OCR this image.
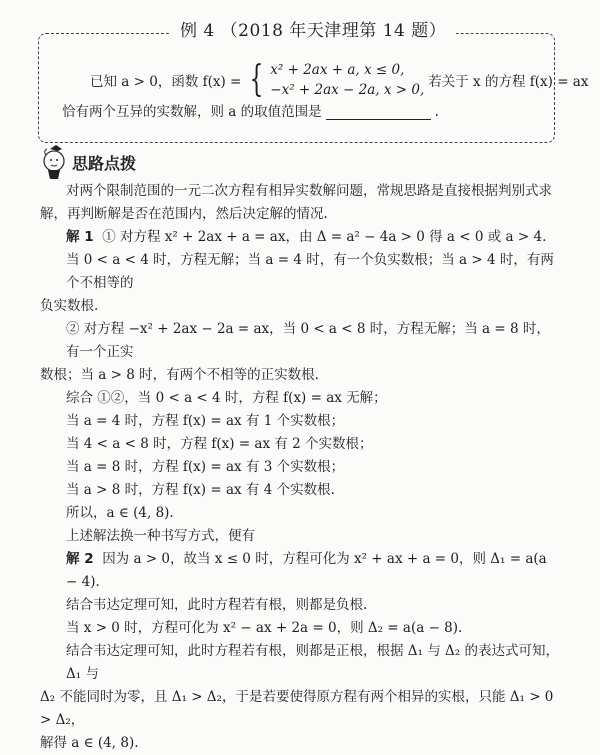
例 4 （2018 年天津理第 14 题）
已知 a > 0，函数 f(x) = { x² + 2ax + a, x ≤ 0,
−x² + 2ax − 2a, x > 0, 若关于 x 的方程 f(x) = ax
恰有两个互异的实数解，则 a 的取值范围是	.
思路点拨

对两个限制范围的一元二次方程有相异实数解问题，常规思路是直接根据判别式求

解，再判断解是否在范围内，然后决定解的情况.

解 1 ① 对方程 x² + 2ax + a = ax，由 Δ = a² − 4a > 0 得 a < 0 或 a > 4.

当 0 < a < 4 时，方程无解；当 a = 4 时，有一个负实数根；当 a > 4 时，有两个不相等的

负实数根.

② 对方程 −x² + 2ax − 2a = ax，当 0 < a < 8 时，方程无解；当 a = 8 时，有一个正实

数根；当 a > 8 时，有两个不相等的正实数根.

综合 ①②，当 0 < a < 4 时，方程 f(x) = ax 无解；

当 a = 4 时，方程 f(x) = ax 有 1 个实数根；

当 4 < a < 8 时，方程 f(x) = ax 有 2 个实数根；

当 a = 8 时，方程 f(x) = ax 有 3 个实数根；

当 a > 8 时，方程 f(x) = ax 有 4 个实数根.

所以，a ∈ (4, 8).

上述解法换一种书写方式，便有

解 2 因为 a > 0，故当 x ≤ 0 时，方程可化为 x² + ax + a = 0，则 Δ₁ = a(a − 4).

结合韦达定理可知，此时方程若有根，则都是负根.

当 x > 0 时，方程可化为 x² − ax + 2a = 0，则 Δ₂ = a(a − 8).

结合韦达定理可知，此时方程若有根，则都是正根，根据 Δ₁ 与 Δ₂ 的表达式可知，Δ₁ 与

Δ₂ 不能同时为零，且 Δ₁ > Δ₂，于是若要使得原方程有两个相异的实根，只能 Δ₁ > 0 > Δ₂，

解得 a ∈ (4, 8).
